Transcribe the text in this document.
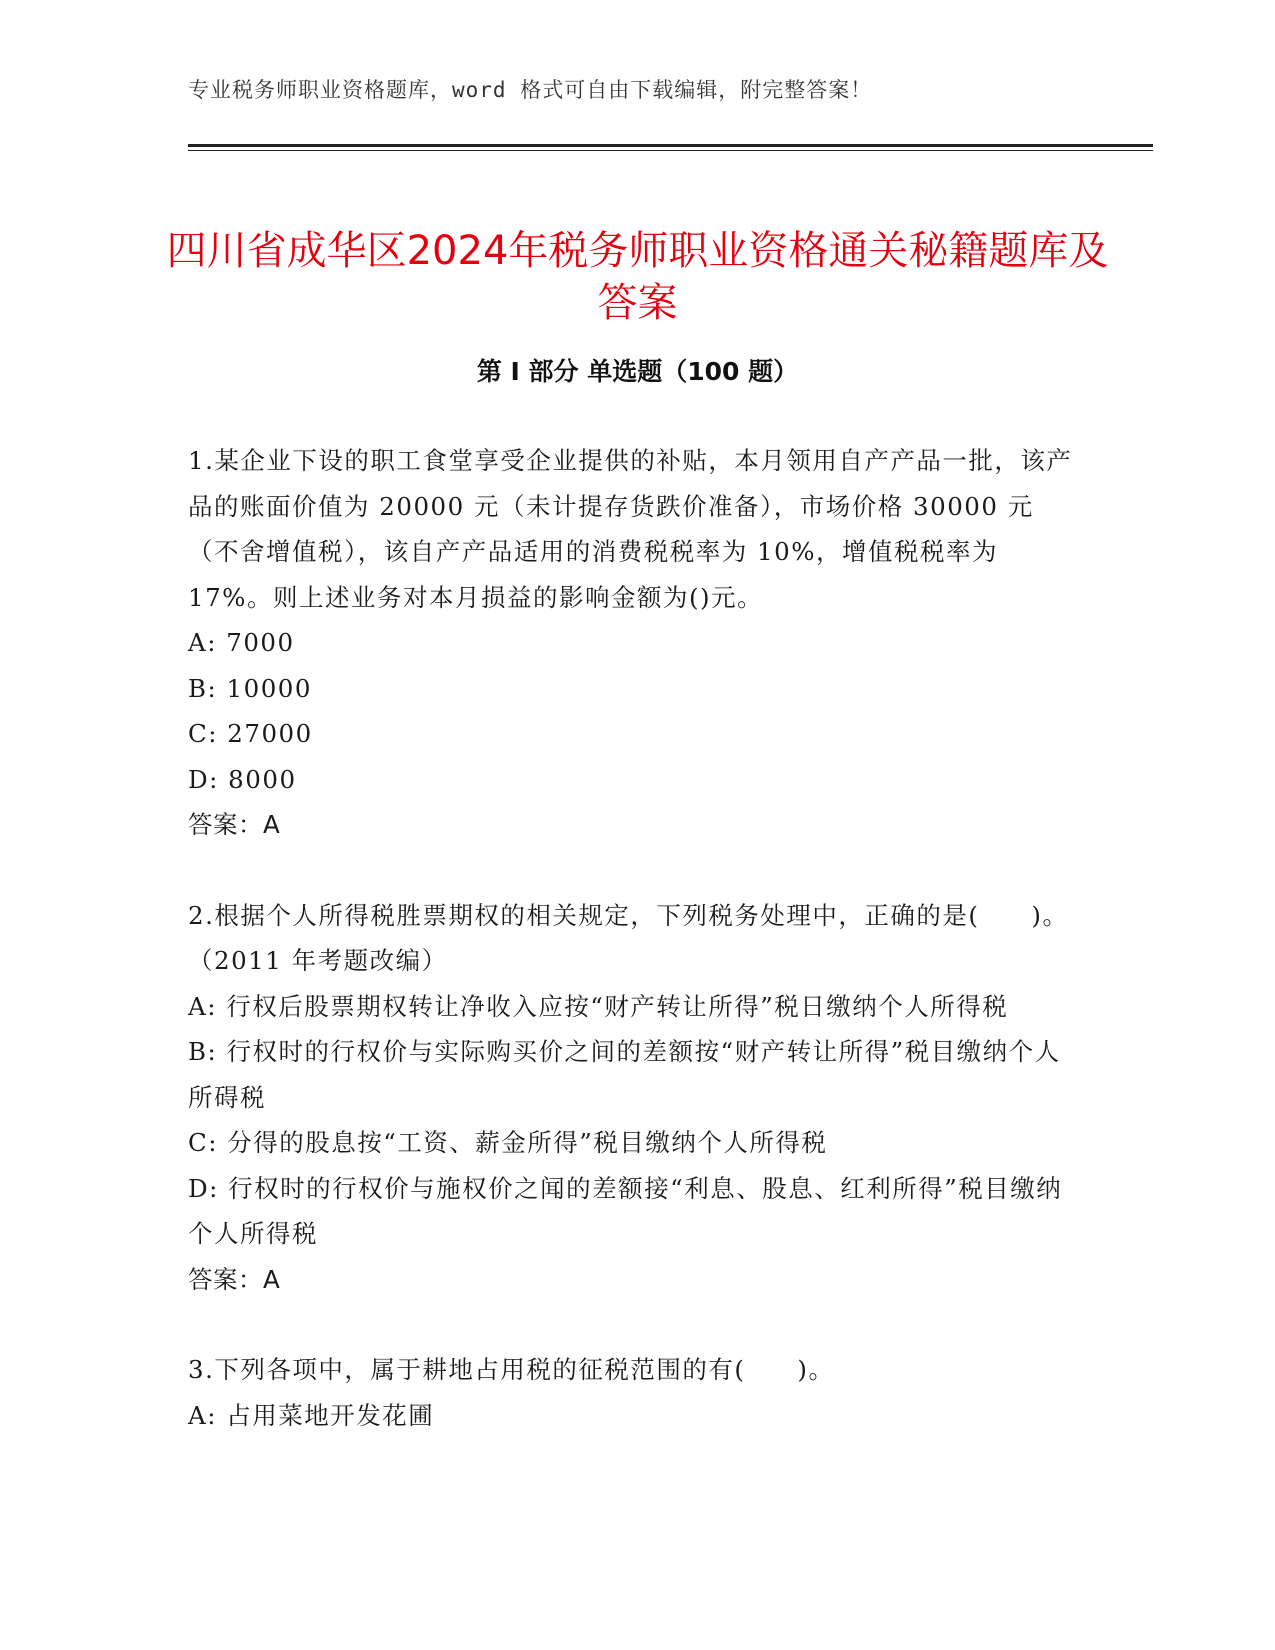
专业税务师职业资格题库，word 格式可自由下载编辑，附完整答案！
四川省成华区2024年税务师职业资格通关秘籍题库及答案
第 I 部分 单选题（100 题）

1.某企业下设的职工食堂享受企业提供的补贴，本月领用自产产品一批，该产品的账面价值为 20000 元（未计提存货跌价准备），市场价格 30000 元（不舍增值税），该自产产品适用的消费税税率为 10%，增值税税率为 17%。则上述业务对本月损益的影响金额为()元。

A: 7000

B: 10000

C: 27000

D: 8000

答案：A

2.根据个人所得税胜票期权的相关规定，下列税务处理中，正确的是(　　)。（2011 年考题改编）

A: 行权后股票期权转让净收入应按“财产转让所得”税日缴纳个人所得税

B: 行权时的行权价与实际购买价之间的差额按“财产转让所得”税目缴纳个人所碍税

C: 分得的股息按“工资、薪金所得”税目缴纳个人所得税

D: 行权时的行权价与施权价之闻的差额接“利息、股息、红利所得”税目缴纳个人所得税

答案：A

3.下列各项中，属于耕地占用税的征税范围的有(　　)。

A: 占用菜地开发花圃
